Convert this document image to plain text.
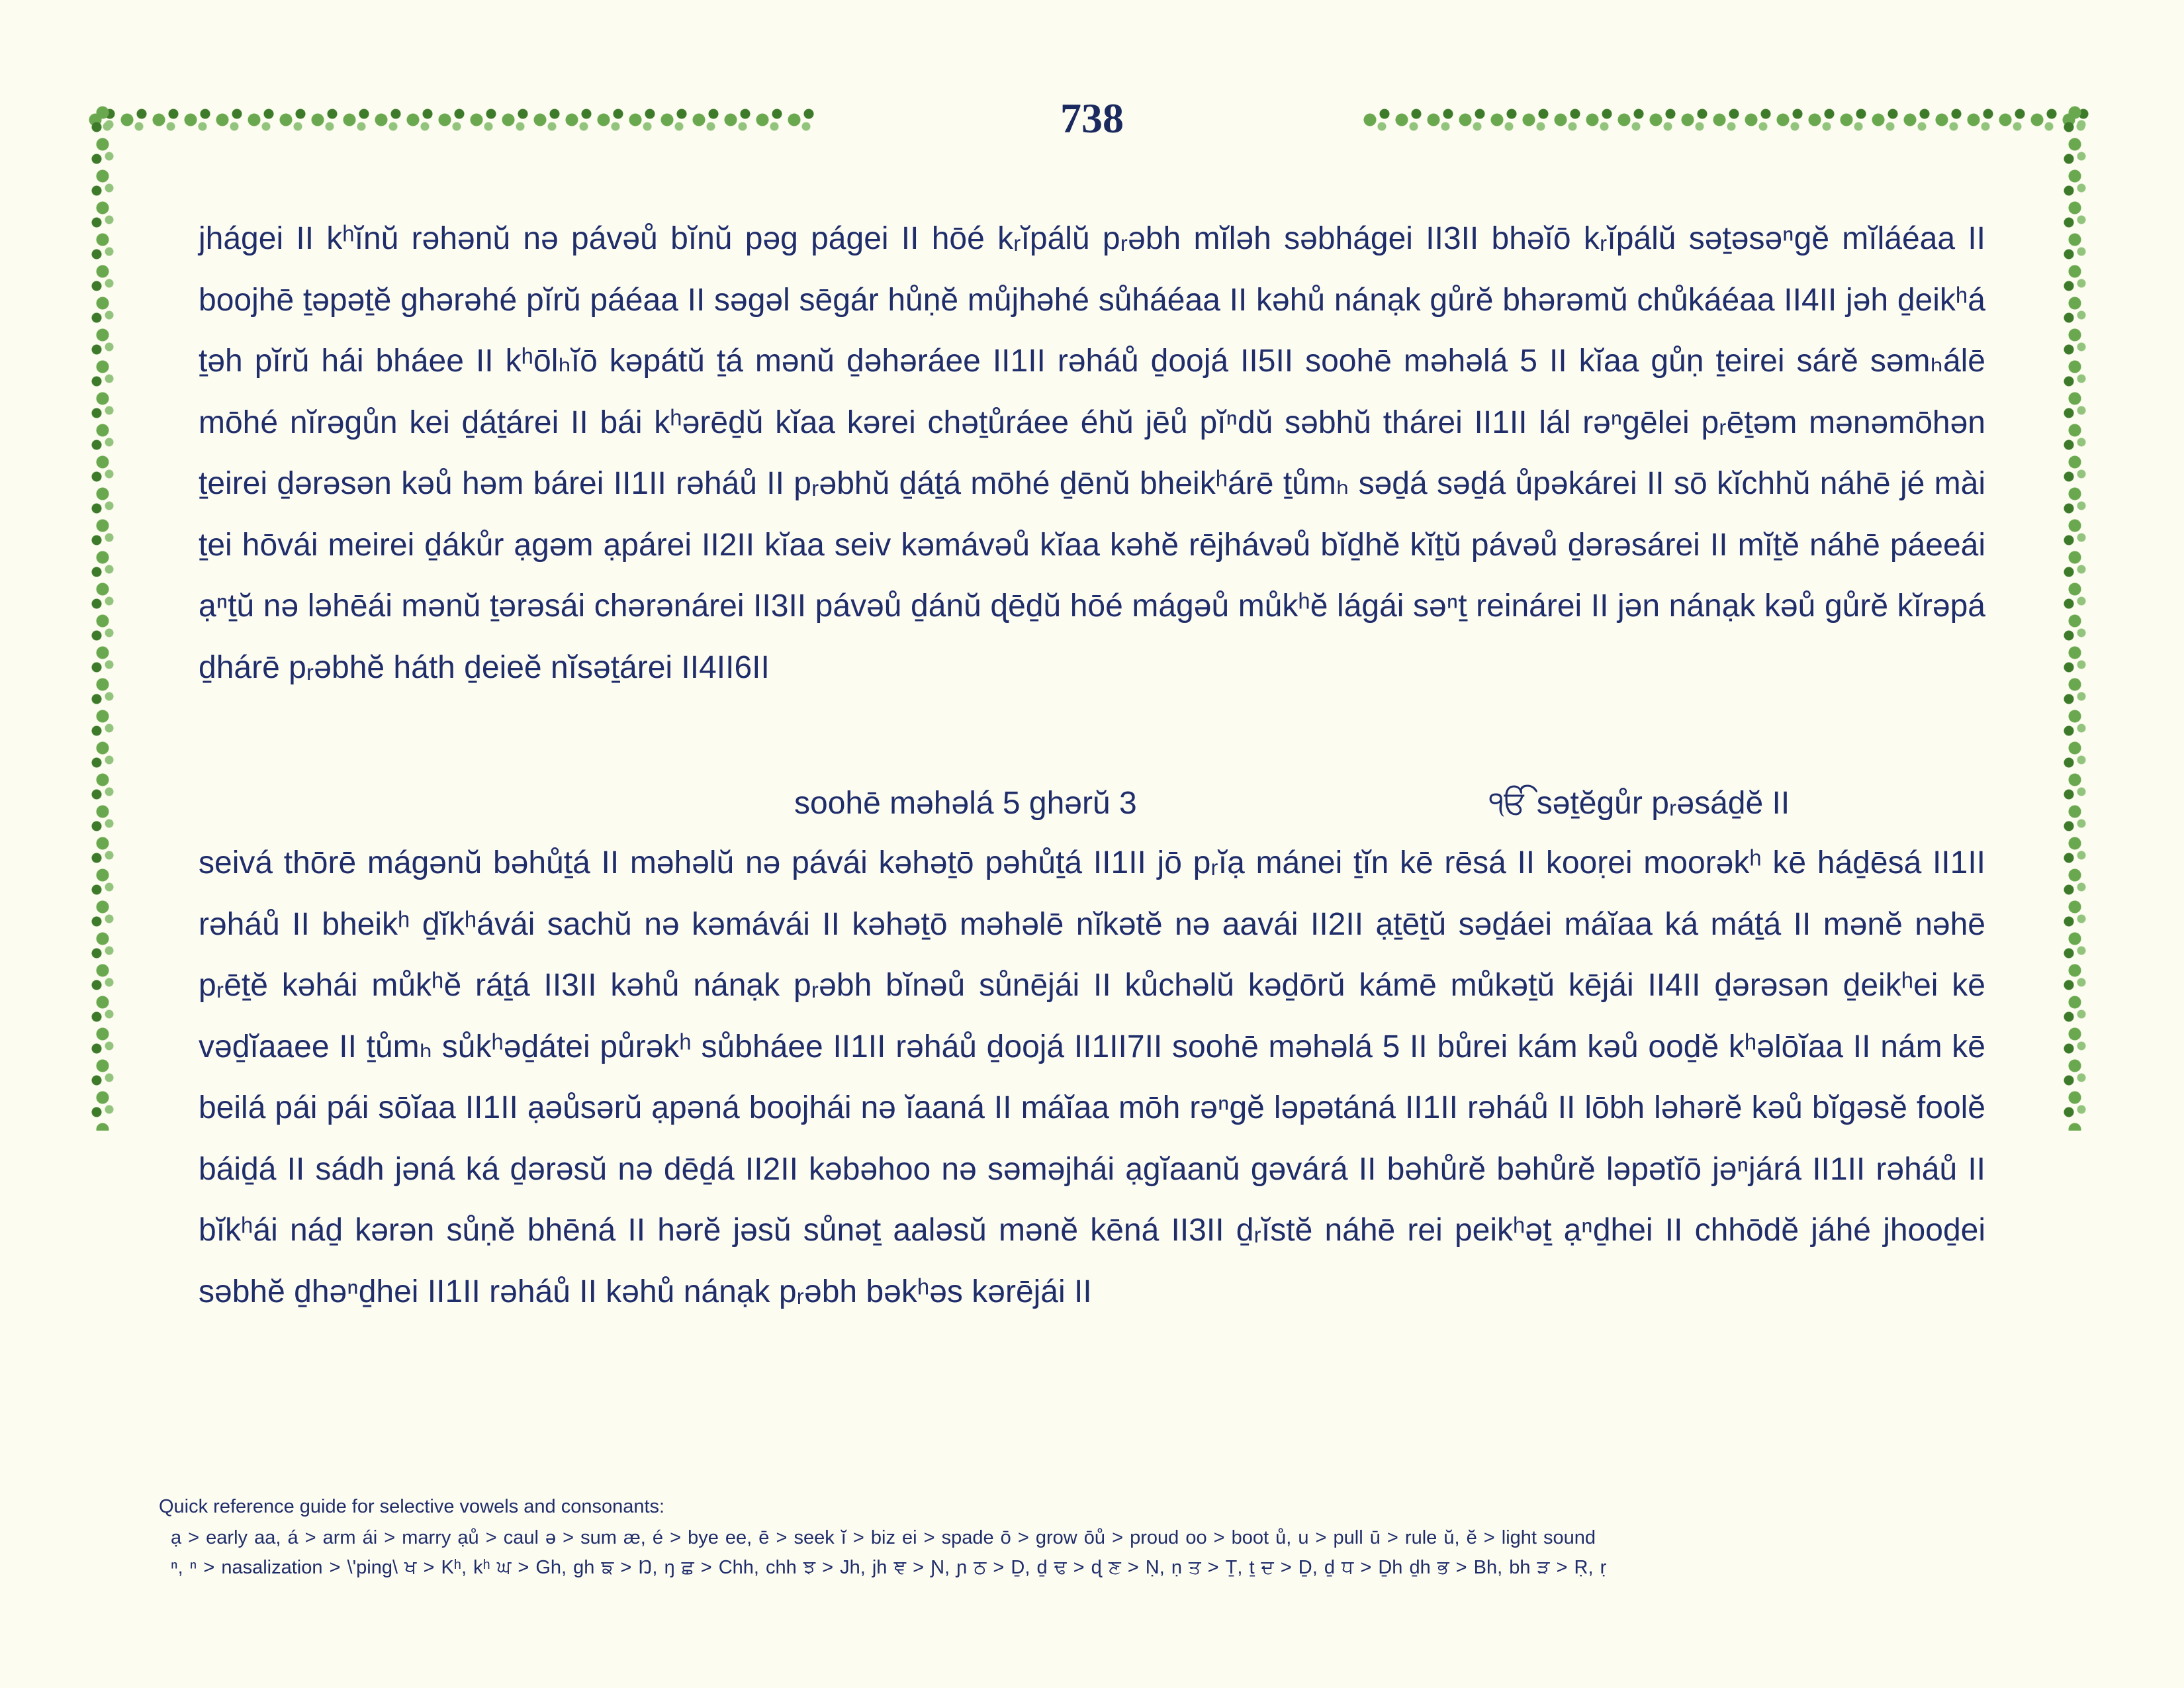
738

jhágei II kʰĭnŭ rəhənŭ nə pávəů bĭnŭ pəg págei II hōé kᵣĭpálŭ pᵣəbh mĭləh səbhágei II3II bhəĭō kᵣĭpálŭ səṯəsəⁿgĕ mĭláéaa II boojhē ṯəpəṯĕ ghərəhé pĭrŭ páéaa II səgəl sēgár hůṇĕ můjhəhé sůháéaa II kəhů nánạk gůrĕ bhərəmŭ chůkáéaa II4II jəh ḏeikʰá ṯəh pĭrŭ hái bháee II kʰōlₕĭō kəpátŭ ṯá mənŭ ḏəhəráee II1II rəháů ḏoojá II5II soohē məhəlá 5 II kĭaa gůṇ ṯeirei sárĕ səmₕálē mōhé nĭrəgůn kei ḏáṯárei II bái kʰərēḏŭ kĭaa kərei chəṯůráee éhŭ jēů pĭⁿdŭ səbhŭ thárei II1II lál rəⁿgēlei pᵣēṯəm mənəmōhən ṯeirei ḏərəsən kəů həm bárei II1II rəháů II pᵣəbhŭ ḏáṯá mōhé ḏēnŭ bheikʰárē ṯůmₕ səḏá səḏá ůpəkárei II sō kĭchhŭ náhē jé mài ṯei hōvái meirei ḏákůr ạgəm ạpárei II2II kĭaa seiv kəmávəů kĭaa kəhĕ rējhávəů bĭḏhĕ kĭṯŭ pávəů ḏərəsárei II mĭṯĕ náhē páeeái ạⁿṯŭ nə ləhēái mənŭ ṯərəsái chərənárei II3II pávəů ḏánŭ ɖēḏŭ hōé mágəů můkʰĕ lágái səⁿṯ reinárei II jən nánạk kəů gůrĕ kĭrəpá ḏhárē pᵣəbhĕ háth ḏeieĕ nĭsəṯárei II4II6II

soohē məhəlá 5 ghərŭ 3	ੴ səṯĕgůr pᵣəsáḏĕ II

seivá thōrē mágənŭ bəhůṯá II məhəlŭ nə pávái kəhəṯō pəhůṯá II1II jō pᵣĭạ mánei ṯĭn kē rēsá II kooṛei moorəkʰ kē háḏēsá II1II rəháů II bheikʰ ḏĭkʰávái sachŭ nə kəmávái II kəhəṯō məhəlē nĭkətĕ nə aavái II2II ạṯēṯŭ səḏáei máĭaa ká máṯá II mənĕ nəhē pᵣēṯĕ kəhái můkʰĕ ráṯá II3II kəhů nánạk pᵣəbh bĭnəů sůnējái II kůchəlŭ kəḏōrŭ kámē můkəṯŭ kējái II4II ḏərəsən ḏeikʰei kē vəḏĭaaee II ṯůmₕ sůkʰəḏátei půrəkʰ sůbháee II1II rəháů ḏoojá II1II7II soohē məhəlá 5 II bůrei kám kəů ooḏĕ kʰəlōĭaa II nám kē beilá pái pái sōĭaa II1II ạəůsərŭ ạpəná boojhái nə ĭaaná II máĭaa mōh rəⁿgĕ ləpətáná II1II rəháů II lōbh ləhərĕ kəů bĭgəsĕ foolĕ báiḏá II sádh jəná ká ḏərəsŭ nə dēḏá II2II kəbəhoo nə səməjhái ạgĭaanŭ gəvárá II bəhůrĕ bəhůrĕ ləpətĭō jəⁿjárá II1II rəháů II bĭkʰái náḏ kərən sůṇĕ bhēná II hərĕ jəsŭ sůnəṯ aaləsŭ mənĕ kēná II3II ḏᵣĭstĕ náhē rei peikʰəṯ ạⁿḏhei II chhōdĕ jáhé jhooḏei səbhĕ ḏhəⁿḏhei II1II rəháů II kəhů nánạk pᵣəbh bəkʰəs kərējái II

Quick reference guide for selective vowels and consonants:
ạ > early aa, á > arm ái > marry ạů > caul ə > sum æ, é > bye ee, ē > seek ĭ > biz ei > spade ō > grow ōů > proud oo > boot ů, u > pull ū > rule ŭ, ĕ > light sound
ⁿ, ⁿ > nasalization > \'ping\ ਖ > Kʰ, kʰ ਘ > Gh, gh ਙ > Ŋ, ŋ ਛ > Chh, chh ਝ > Jh, jh ਞ > Ɲ, ɲ ਠ > Ḏ, ḏ ਢ > ɖ ਣ > Ṇ, ṇ ਤ > Ṯ, ṯ ਦ > Ḏ, ḏ ਧ > Ḏh ḏh ਭ > Bh, bh ੜ > Ṛ, ṛ
